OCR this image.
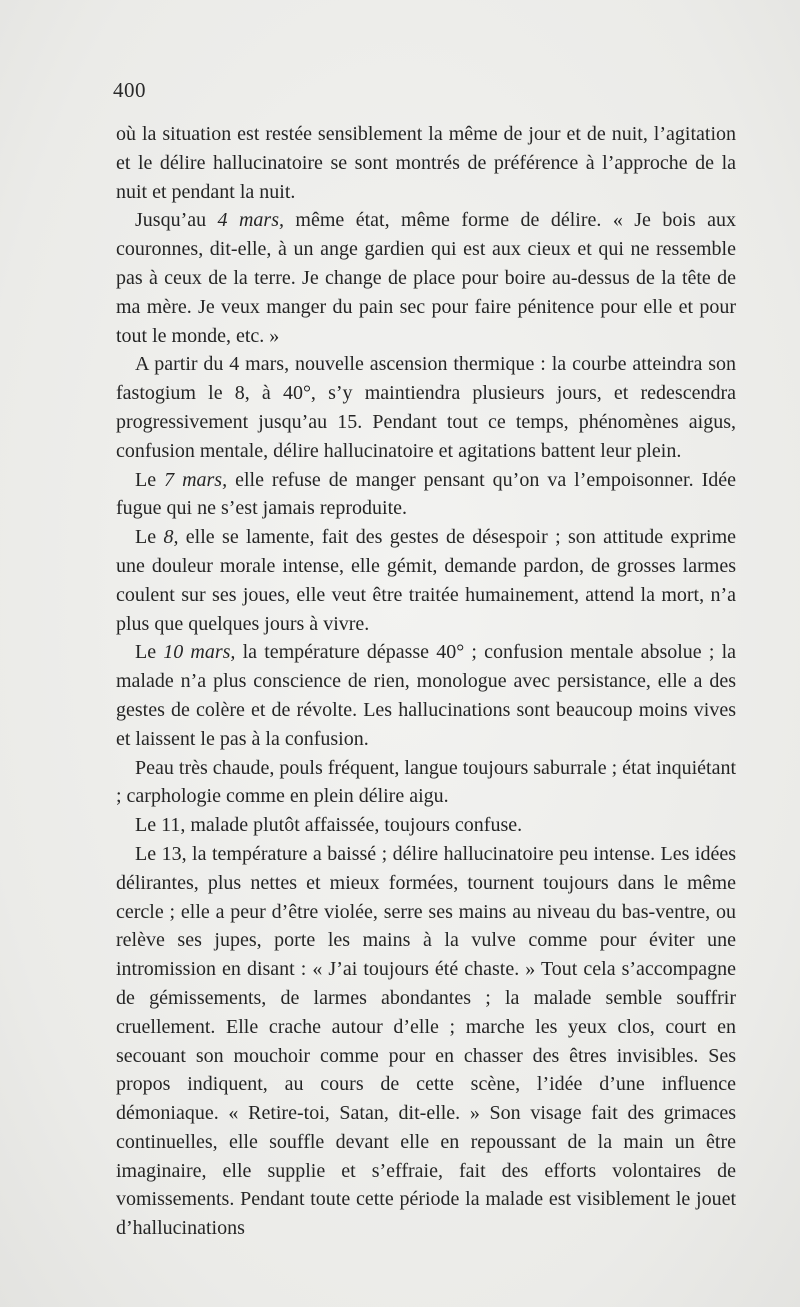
400

où la situation est restée sensiblement la même de jour et de nuit, l’agitation et le délire hallucinatoire se sont montrés de préférence à l’approche de la nuit et pendant la nuit.

Jusqu’au 4 mars, même état, même forme de délire. « Je bois aux couronnes, dit-elle, à un ange gardien qui est aux cieux et qui ne ressemble pas à ceux de la terre. Je change de place pour boire au-dessus de la tête de ma mère. Je veux manger du pain sec pour faire pénitence pour elle et pour tout le monde, etc. »

A partir du 4 mars, nouvelle ascension thermique : la courbe atteindra son fastogium le 8, à 40°, s’y maintiendra plusieurs jours, et redescendra progressivement jusqu’au 15. Pendant tout ce temps, phénomènes aigus, confusion mentale, délire hallucinatoire et agitations battent leur plein.

Le 7 mars, elle refuse de manger pensant qu’on va l’empoisonner. Idée fugue qui ne s’est jamais reproduite.

Le 8, elle se lamente, fait des gestes de désespoir ; son attitude exprime une douleur morale intense, elle gémit, demande pardon, de grosses larmes coulent sur ses joues, elle veut être traitée humainement, attend la mort, n’a plus que quelques jours à vivre.

Le 10 mars, la température dépasse 40° ; confusion mentale absolue ; la malade n’a plus conscience de rien, monologue avec persistance, elle a des gestes de colère et de révolte. Les hallucinations sont beaucoup moins vives et laissent le pas à la confusion.

Peau très chaude, pouls fréquent, langue toujours saburrale ; état inquiétant ; carphologie comme en plein délire aigu.

Le 11, malade plutôt affaissée, toujours confuse.

Le 13, la température a baissé ; délire hallucinatoire peu intense. Les idées délirantes, plus nettes et mieux formées, tournent toujours dans le même cercle ; elle a peur d’être violée, serre ses mains au niveau du bas-ventre, ou relève ses jupes, porte les mains à la vulve comme pour éviter une intromission en disant : « J’ai toujours été chaste. » Tout cela s’accompagne de gémissements, de larmes abondantes ; la malade semble souffrir cruellement. Elle crache autour d’elle ; marche les yeux clos, court en secouant son mouchoir comme pour en chasser des êtres invisibles. Ses propos indiquent, au cours de cette scène, l’idée d’une influence démoniaque. « Retire-toi, Satan, dit-elle. » Son visage fait des grimaces continuelles, elle souffle devant elle en repoussant de la main un être imaginaire, elle supplie et s’effraie, fait des efforts volontaires de vomissements. Pendant toute cette période la malade est visiblement le jouet d’hallucinations
